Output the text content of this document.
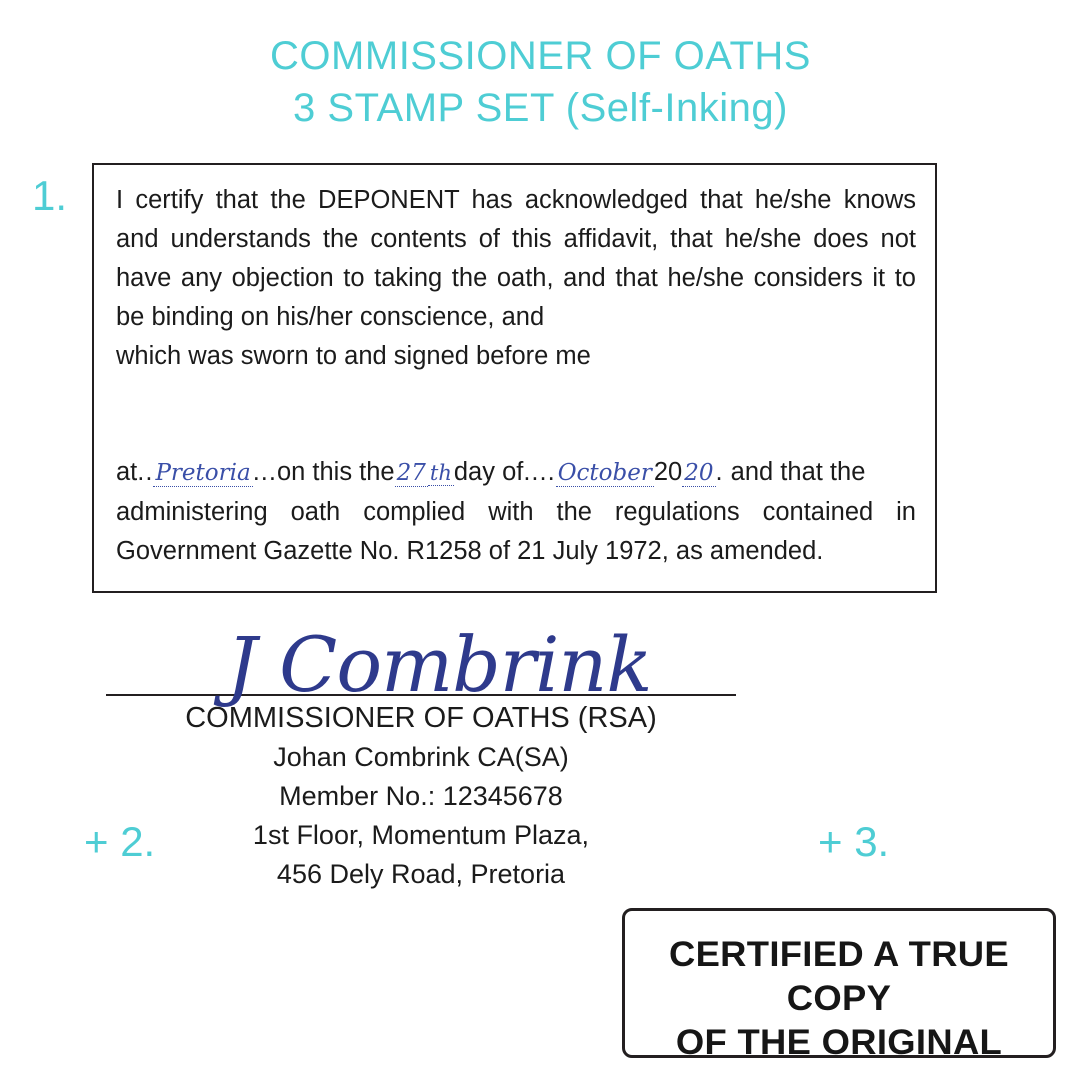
COMMISSIONER OF OATHS
3 STAMP SET (Self-Inking)
1.
+ 2.	+ 3.
I certify that the DEPONENT has acknowledged that he/she knows and understands the contents of this affidavit, that he/she does not have any objection to taking the oath, and that he/she considers it to be binding on his/her conscience, and
which was sworn to and signed before me
at..Pretoria...on this the27 thday of....October2020. and that the
administering oath complied with the regulations contained in Government Gazette No. R1258 of 21 July 1972, as amended.
J Combrink
COMMISSIONER OF OATHS (RSA)
Johan Combrink CA(SA)
Member No.: 12345678
1st Floor, Momentum Plaza,
456 Dely Road, Pretoria
CERTIFIED A TRUE COPY
OF THE ORIGINAL
